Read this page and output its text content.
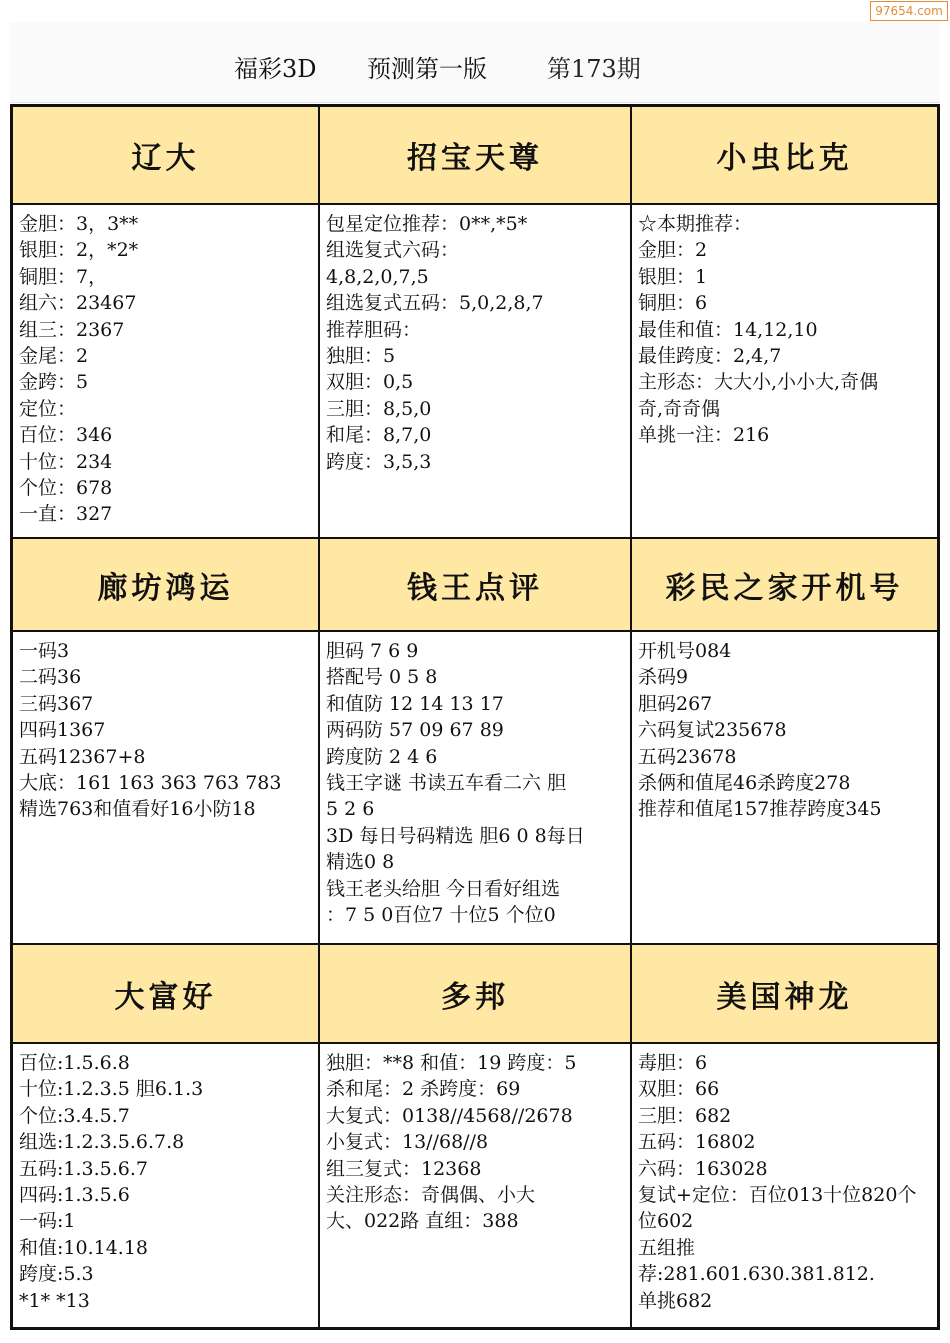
97654.com
福彩3D 预测第一版	第173期
辽大	招宝天尊	小虫比克
金胆：3，3**
银胆：2，*2*
铜胆：7，
组六：23467
组三：2367
金尾：2
金跨：5
定位：
百位：346
十位：234
个位：678
一直：327
包星定位推荐：0**,*5*
组选复式六码：
4,8,2,0,7,5
组选复式五码：5,0,2,8,7
推荐胆码：
独胆：5
双胆：0,5
三胆：8,5,0
和尾：8,7,0
跨度：3,5,3
☆本期推荐：
金胆：2
银胆：1
铜胆：6
最佳和值：14,12,10
最佳跨度：2,4,7
主形态：大大小,小小大,奇偶
奇,奇奇偶
单挑一注：216
廊坊鸿运	钱王点评	彩民之家开机号
一码3
二码36
三码367
四码1367
五码12367+8
大底：161 163 363 763 783
精选763和值看好16小防18
胆码 7 6 9
搭配号 0 5 8
和值防 12 14 13 17
两码防 57 09 67 89
跨度防 2 4 6
钱王字谜 书读五车看二六 胆
5 2 6
3D 每日号码精选 胆6 0 8每日
精选0 8
钱王老头给胆 今日看好组选
：7 5 0百位7 十位5 个位0
开机号084
杀码9
胆码267
六码复试235678
五码23678
杀俩和值尾46杀跨度278
推荐和值尾157推荐跨度345
大富好	多邦	美国神龙
百位:1.5.6.8
十位:1.2.3.5 胆6.1.3
个位:3.4.5.7
组选:1.2.3.5.6.7.8
五码:1.3.5.6.7
四码:1.3.5.6
一码:1
和值:10.14.18
跨度:5.3
*1* *13
独胆：**8 和值：19 跨度：5
杀和尾：2 杀跨度：69
大复式：0138//4568//2678
小复式：13//68//8
组三复式：12368
关注形态：奇偶偶、小大
大、022路 直组：388
毒胆：6
双胆：66
三胆：682
五码：16802
六码：163028
复试+定位：百位013十位820个
位602
五组推
荐:281.601.630.381.812.
单挑682
